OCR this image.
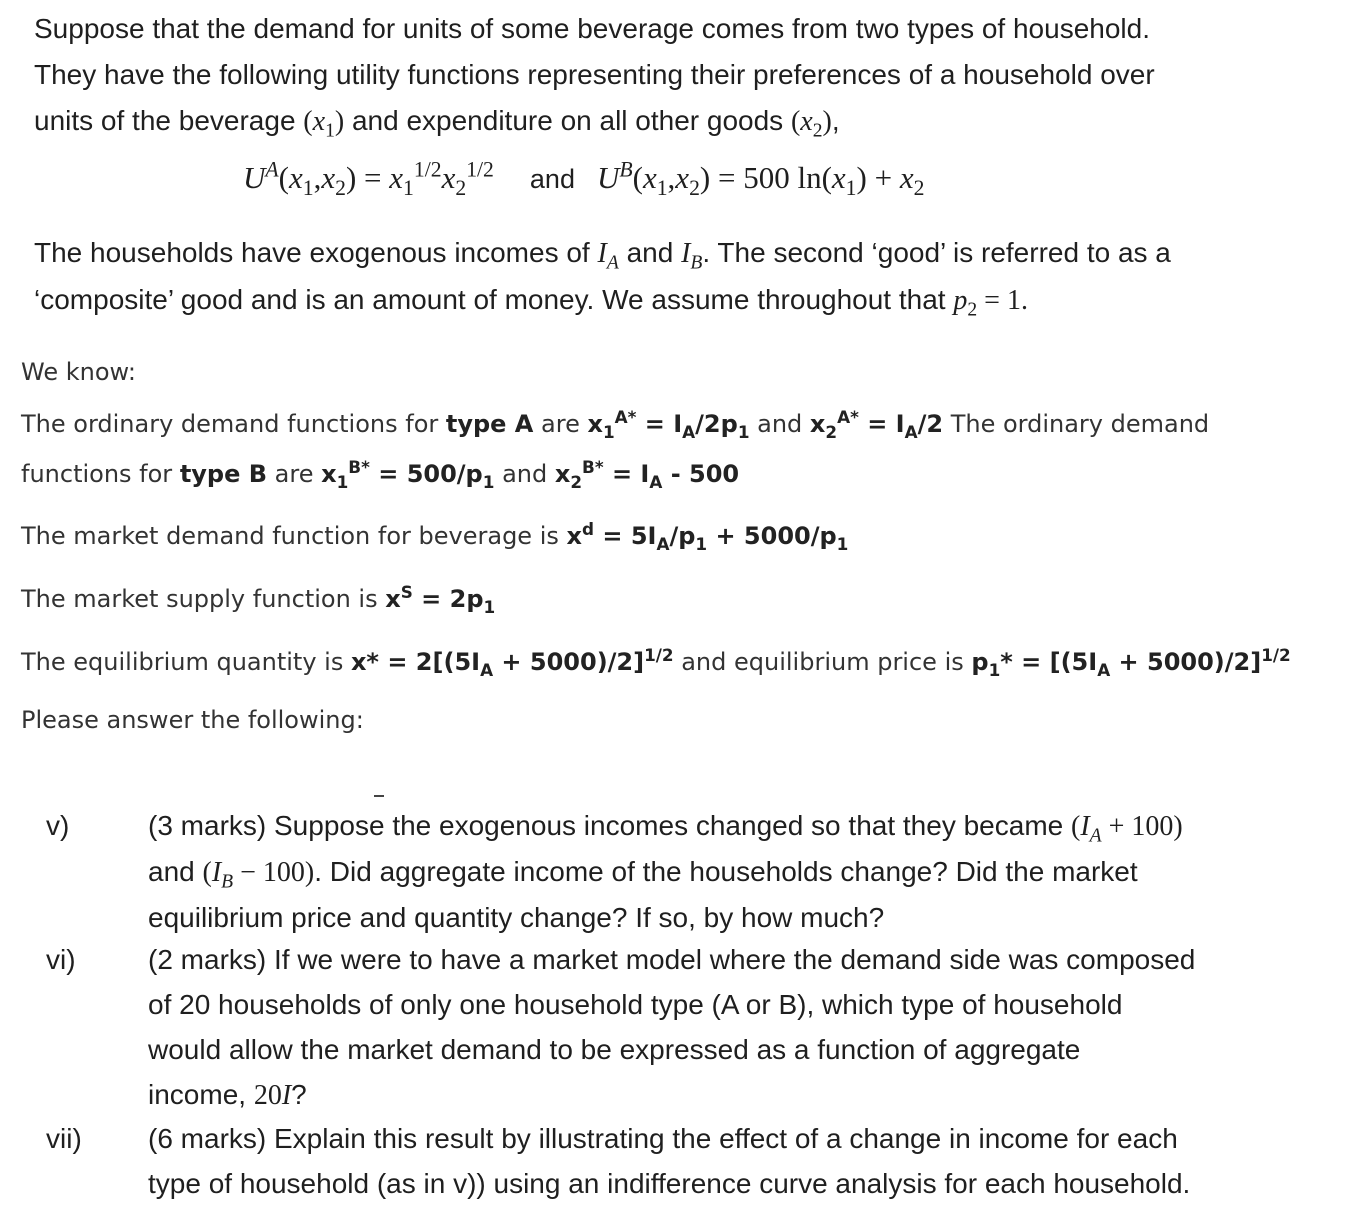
Suppose that the demand for units of some beverage comes from two types of household.
They have the following utility functions representing their preferences of a household over
units of the beverage $(x_1)$ and expenditure on all other goods $(x_2)$,
$U^A(x_1,x_2) = x_1^{1/2}x_2^{1/2}$ and $U^B(x_1,x_2) = 500$ $\ln(x_1) + x_2$
The households have exogenous incomes of $I_A$ and $I_B$. The second ‘good’ is referred to as a
‘composite’ good and is an amount of money. We assume throughout that $p_2 = 1$.
We know:
The ordinary demand functions for type A are $x_1^{A*} = I_A/2p_1$ and $x_2^{A*} = I_A/2$ The ordinary demand
functions for type B are $x_1^{B*} = 500/p_1$ and $x_2^{B*} = I_A - 500$
The market demand function for beverage is $x^d = 5I_A/p_1 + 5000/p_1$
The market supply function is $x^S = 2p_1$
The equilibrium quantity is $x* = 2[(5I_A + 5000)/2]^{1/2}$ and equilibrium price is $p_1* = [(5I_A + 5000)/2]^{1/2}$
Please answer the following:
v)	(3 marks) Suppose the exogenous incomes changed so that they became $(I_A + 100)$
and $(I_B - 100)$. Did aggregate income of the households change? Did the market
equilibrium price and quantity change? If so, by how much?
vi)	(2 marks) If we were to have a market model where the demand side was composed
of 20 households of only one household type (A or B), which type of household
would allow the market demand to be expressed as a function of aggregate
income, 20I?
vii) (6 marks) Explain this result by illustrating the effect of a change in income for each
type of household (as in v)) using an indifference curve analysis for each household.
